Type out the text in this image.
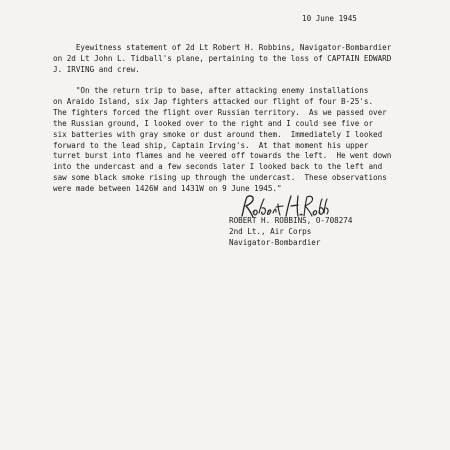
10 June 1945
Eyewitness statement of 2d Lt Robert H. Robbins, Navigator-Bombardier
on 2d Lt John L. Tidball's plane, pertaining to the loss of CAPTAIN EDWARD
J. IRVING and crew.
"On the return trip to base, after attacking enemy installations
on Araido Island, six Jap fighters attacked our flight of four B-25's.
The fighters forced the flight over Russian territory.  As we passed over
the Russian ground, I looked over to the right and I could see five or
six batteries with gray smoke or dust around them.  Immediately I looked
forward to the lead ship, Captain Irving's.  At that moment his upper
turret burst into flames and he veered off towards the left.  He went down
into the undercast and a few seconds later I looked back to the left and
saw some black smoke rising up through the undercast.  These observations
were made between 1426W and 1431W on 9 June 1945."
ROBERT H. ROBBINS, O-708274
2nd Lt., Air Corps
Navigator-Bombardier
